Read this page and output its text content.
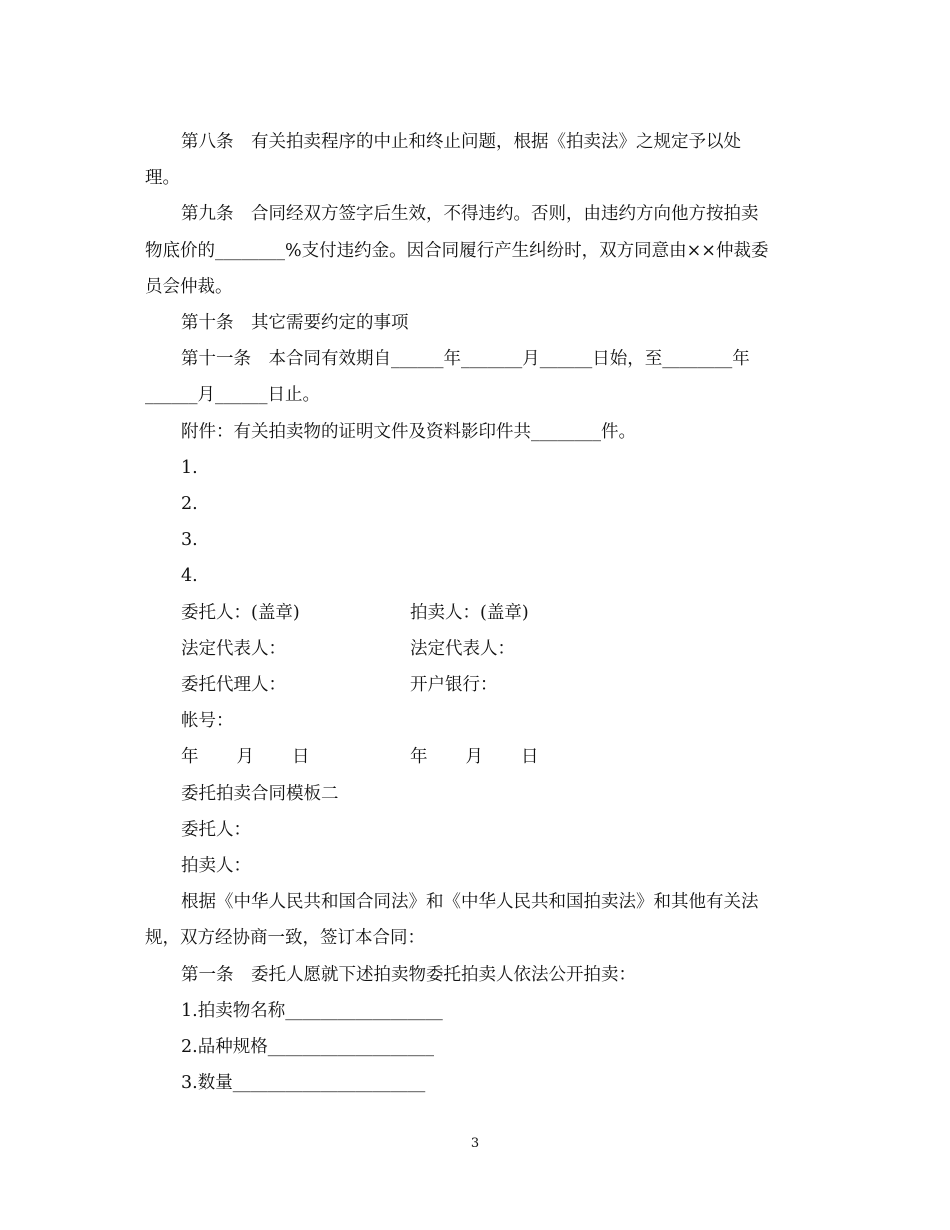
第八条　有关拍卖程序的中止和终止问题，根据《拍卖法》之规定予以处

理。

第九条　合同经双方签字后生效，不得违约。否则，由违约方向他方按拍卖

物底价的________%支付违约金。因合同履行产生纠纷时，双方同意由××仲裁委

员会仲裁。

第十条　其它需要约定的事项

第十一条　本合同有效期自______年_______月______日始，至________年

______月______日止。

附件：有关拍卖物的证明文件及资料影印件共________件。

1.

2.

3.

4.

委托人：(盖章)	拍卖人：(盖章)

法定代表人：	法定代表人：

委托代理人：	开户银行：

帐号：

年 月 日	年 月 日

委托拍卖合同模板二

委托人：

拍卖人：

根据《中华人民共和国合同法》和《中华人民共和国拍卖法》和其他有关法

规，双方经协商一致，签订本合同：

第一条　委托人愿就下述拍卖物委托拍卖人依法公开拍卖：

1.拍卖物名称__________________

2.品种规格___________________

3.数量______________________

3
